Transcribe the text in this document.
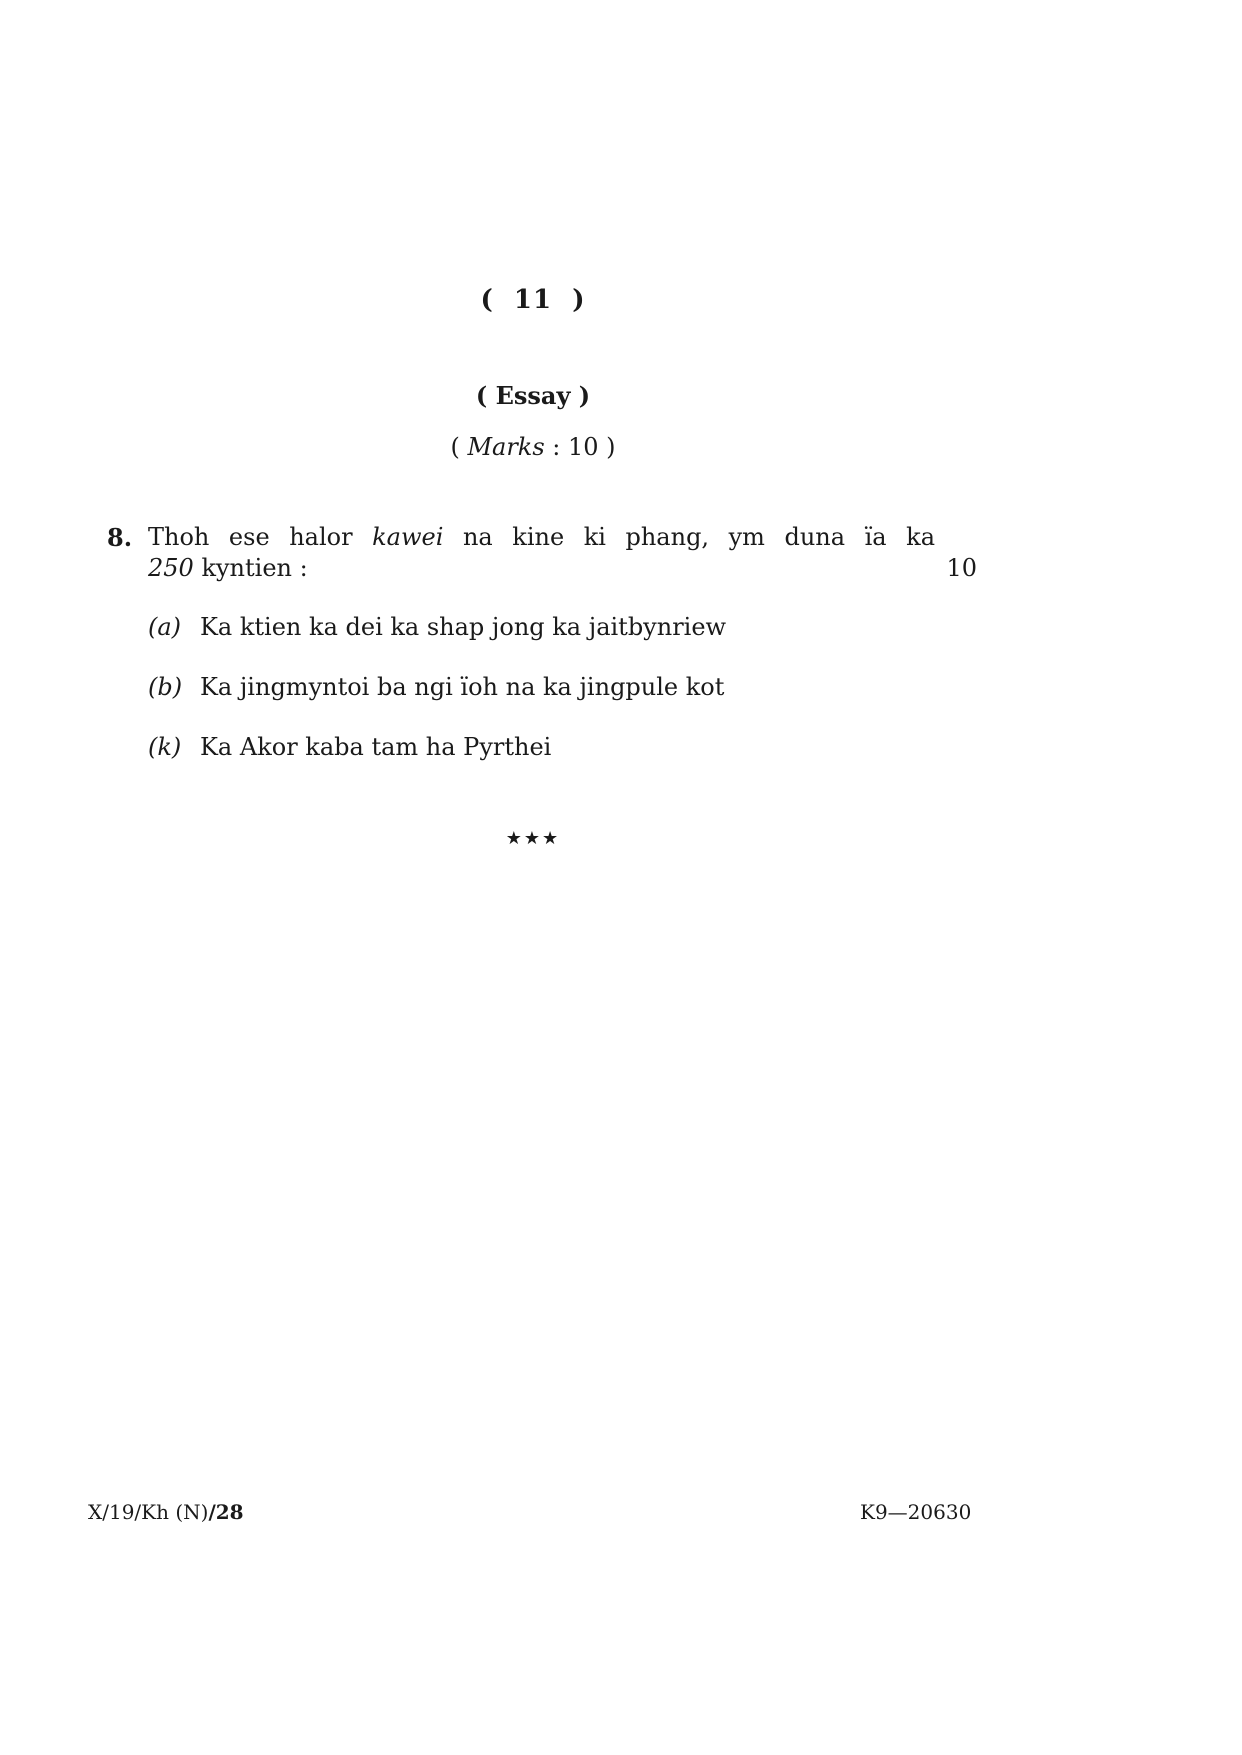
(  11  )
( Essay )
( Marks : 10 )
8. Thoh ese halor kawei na kine ki phang, ym duna ïa ka
250 kyntien :	10
(a) Ka ktien ka dei ka shap jong ka jaitbynriew
(b) Ka jingmyntoi ba ngi ïoh na ka jingpule kot
(k) Ka Akor kaba tam ha Pyrthei
★★★
X/19/Kh (N)/28	K9—20630
